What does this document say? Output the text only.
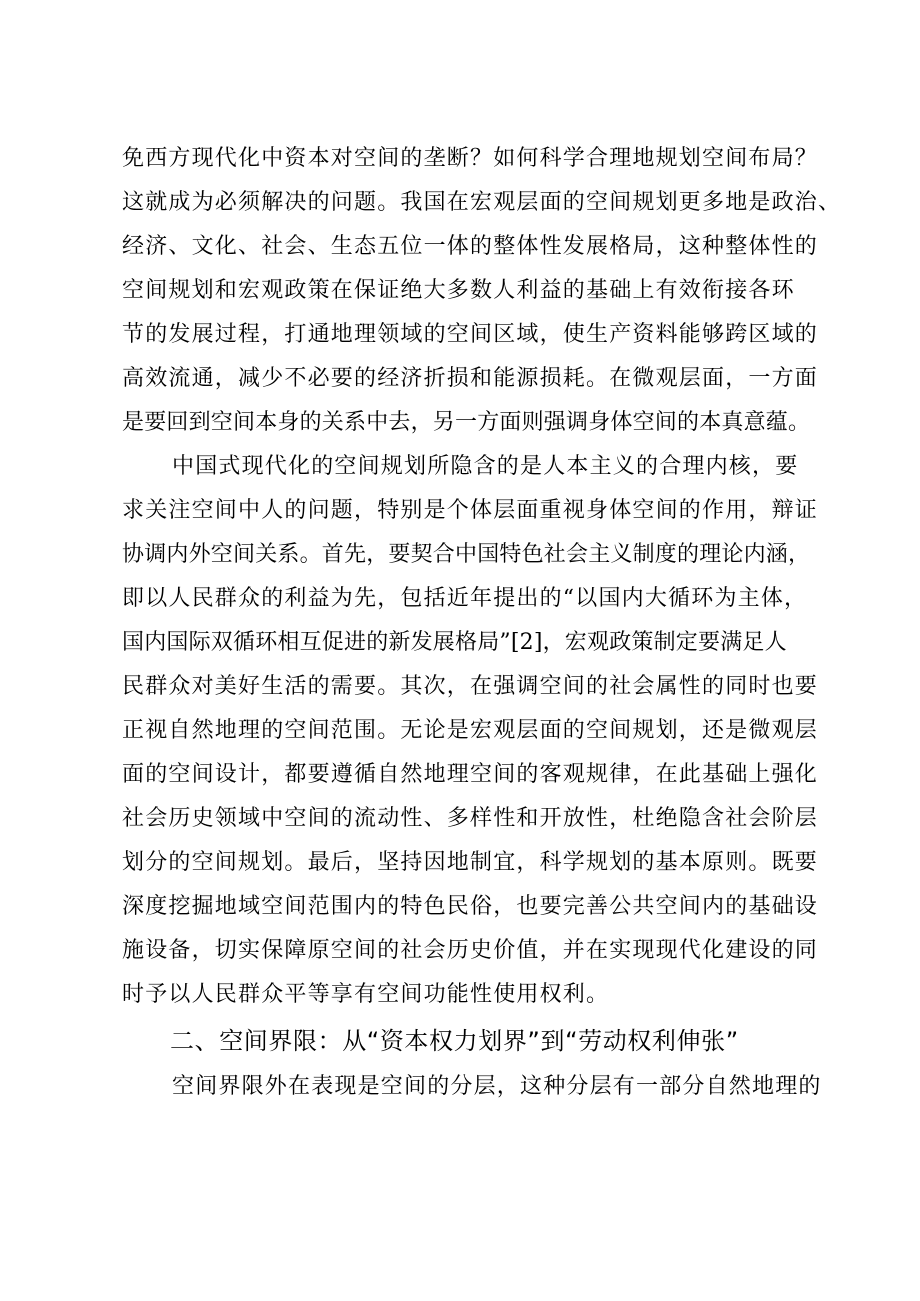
免西方现代化中资本对空间的垄断？如何科学合理地规划空间布局？
这就成为必须解决的问题。我国在宏观层面的空间规划更多地是政治、
经济、文化、社会、生态五位一体的整体性发展格局，这种整体性的
空间规划和宏观政策在保证绝大多数人利益的基础上有效衔接各环
节的发展过程，打通地理领域的空间区域，使生产资料能够跨区域的
高效流通，减少不必要的经济折损和能源损耗。在微观层面，一方面
是要回到空间本身的关系中去，另一方面则强调身体空间的本真意蕴。
中国式现代化的空间规划所隐含的是人本主义的合理内核，要
求关注空间中人的问题，特别是个体层面重视身体空间的作用，辩证
协调内外空间关系。首先，要契合中国特色社会主义制度的理论内涵，
即以人民群众的利益为先，包括近年提出的“以国内大循环为主体，
国内国际双循环相互促进的新发展格局”[2]，宏观政策制定要满足人
民群众对美好生活的需要。其次，在强调空间的社会属性的同时也要
正视自然地理的空间范围。无论是宏观层面的空间规划，还是微观层
面的空间设计，都要遵循自然地理空间的客观规律，在此基础上强化
社会历史领域中空间的流动性、多样性和开放性，杜绝隐含社会阶层
划分的空间规划。最后，坚持因地制宜，科学规划的基本原则。既要
深度挖掘地域空间范围内的特色民俗，也要完善公共空间内的基础设
施设备，切实保障原空间的社会历史价值，并在实现现代化建设的同
时予以人民群众平等享有空间功能性使用权利。
二、空间界限：从“资本权力划界”到“劳动权利伸张”
空间界限外在表现是空间的分层，这种分层有一部分自然地理的
